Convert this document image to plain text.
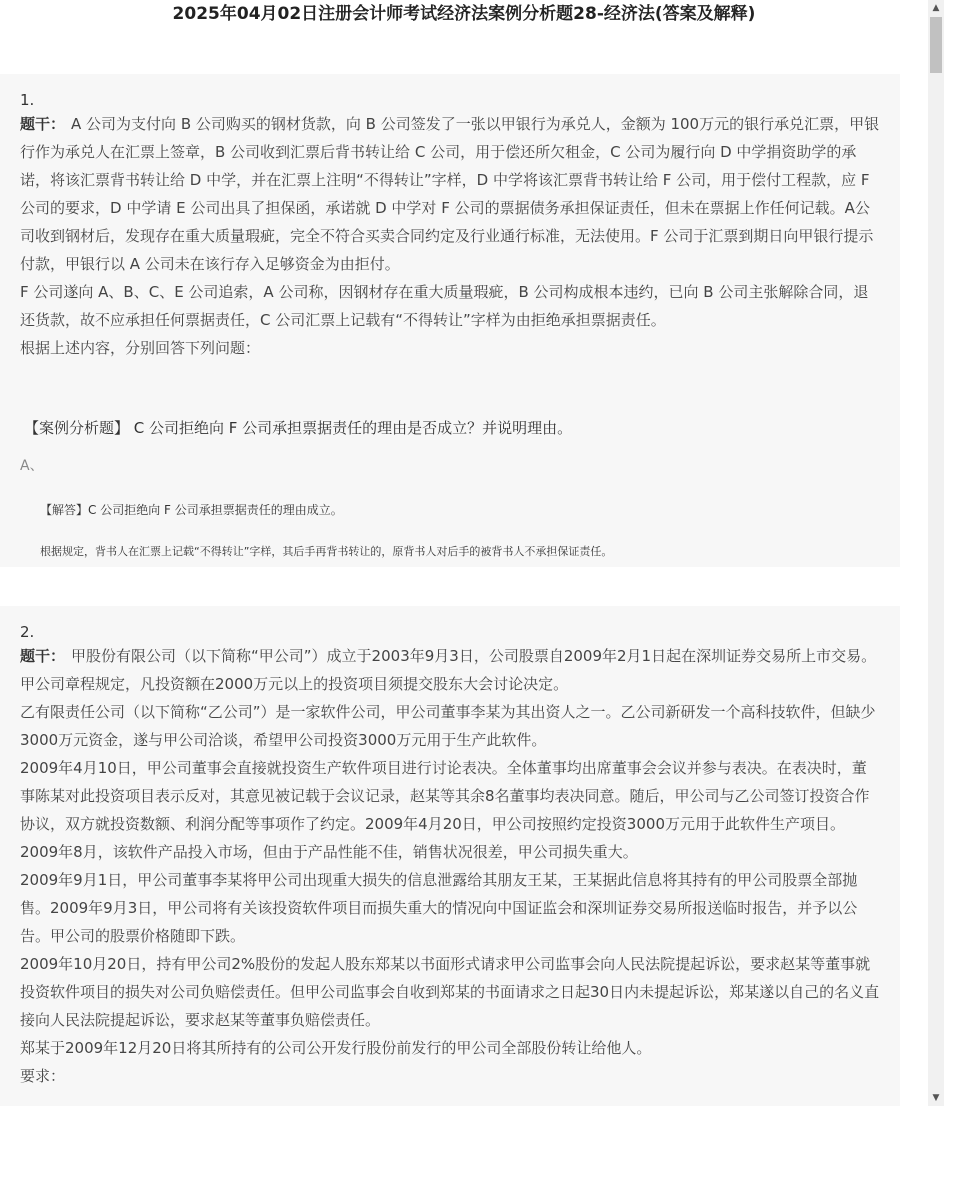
2025年04月02日注册会计师考试经济法案例分析题28-经济法(答案及解释)
1.

题干： A 公司为支付向 B 公司购买的钢材货款，向 B 公司签发了一张以甲银行为承兑人，金额为 100万元的银行承兑汇票，甲银行作为承兑人在汇票上签章，B 公司收到汇票后背书转让给 C 公司，用于偿还所欠租金，C 公司为履行向 D 中学捐资助学的承诺，将该汇票背书转让给 D 中学，并在汇票上注明“不得转让”字样，D 中学将该汇票背书转让给 F 公司，用于偿付工程款，应 F 公司的要求，D 中学请 E 公司出具了担保函，承诺就 D 中学对 F 公司的票据债务承担保证责任，但未在票据上作任何记载。A公司收到钢材后，发现存在重大质量瑕疵，完全不符合买卖合同约定及行业通行标准，无法使用。F 公司于汇票到期日向甲银行提示付款，甲银行以 A 公司未在该行存入足够资金为由拒付。

F 公司遂向 A、B、C、E 公司追索，A 公司称，因钢材存在重大质量瑕疵，B 公司构成根本违约，已向 B 公司主张解除合同，退还货款，故不应承担任何票据责任，C 公司汇票上记载有“不得转让”字样为由拒绝承担票据责任。

根据上述内容，分别回答下列问题：

【案例分析题】 C 公司拒绝向 F 公司承担票据责任的理由是否成立？并说明理由。
A、
【解答】C 公司拒绝向 F 公司承担票据责任的理由成立。
根据规定，背书人在汇票上记载“不得转让”字样，其后手再背书转让的，原背书人对后手的被背书人不承担保证责任。
2.

题干： 甲股份有限公司（以下简称“甲公司”）成立于2003年9月3日，公司股票自2009年2月1日起在深圳证券交易所上市交易。甲公司章程规定，凡投资额在2000万元以上的投资项目须提交股东大会讨论决定。

乙有限责任公司（以下简称“乙公司”）是一家软件公司，甲公司董事李某为其出资人之一。乙公司新研发一个高科技软件，但缺少3000万元资金，遂与甲公司洽谈，希望甲公司投资3000万元用于生产此软件。

2009年4月10日，甲公司董事会直接就投资生产软件项目进行讨论表决。全体董事均出席董事会会议并参与表决。在表决时，董事陈某对此投资项目表示反对，其意见被记载于会议记录，赵某等其余8名董事均表决同意。随后，甲公司与乙公司签订投资合作协议，双方就投资数额、利润分配等事项作了约定。2009年4月20日，甲公司按照约定投资3000万元用于此软件生产项目。

2009年8月，该软件产品投入市场，但由于产品性能不佳，销售状况很差，甲公司损失重大。

2009年9月1日，甲公司董事李某将甲公司出现重大损失的信息泄露给其朋友王某，王某据此信息将其持有的甲公司股票全部抛售。2009年9月3日，甲公司将有关该投资软件项目而损失重大的情况向中国证监会和深圳证券交易所报送临时报告，并予以公告。甲公司的股票价格随即下跌。

2009年10月20日，持有甲公司2%股份的发起人股东郑某以书面形式请求甲公司监事会向人民法院提起诉讼，要求赵某等董事就投资软件项目的损失对公司负赔偿责任。但甲公司监事会自收到郑某的书面请求之日起30日内未提起诉讼，郑某遂以自己的名义直接向人民法院提起诉讼，要求赵某等董事负赔偿责任。

郑某于2009年12月20日将其所持有的公司公开发行股份前发行的甲公司全部股份转让给他人。

要求：

▲
▼
